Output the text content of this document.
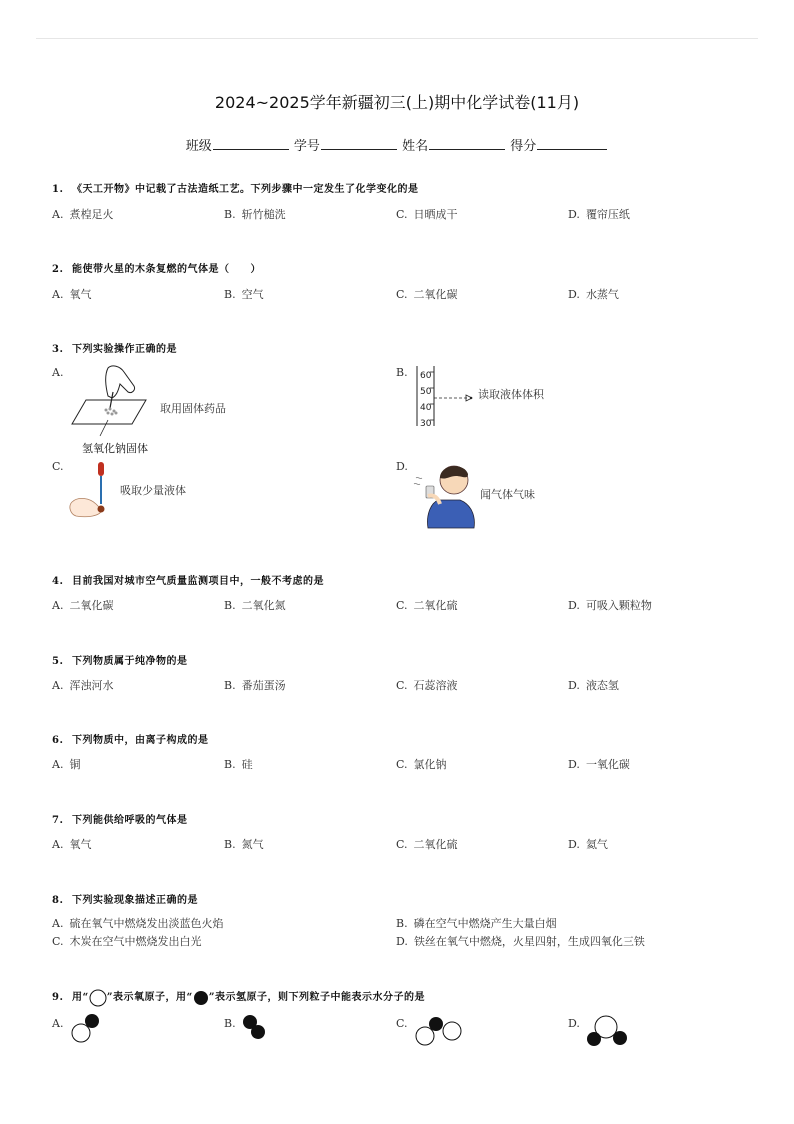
2024~2025学年新疆初三(上)期中化学试卷(11月)
班级	学号	姓名	得分
1. 《天工开物》中记载了古法造纸工艺。下列步骤中一定发生了化学变化的是
A. 煮楻足火	B. 斩竹槌洗	C. 日晒成干	D. 覆帘压纸
2. 能使带火星的木条复燃的气体是（　　）
A. 氧气	B. 空气	C. 二氧化碳	D. 水蒸气
3. 下列实验操作正确的是
A.
取用固体药品
氢氧化钠固体
B. 60
50
40
30
读取液体体积
C.
吸取少量液体
D.
闻气体气味
4. 目前我国对城市空气质量监测项目中，一般不考虑的是
A. 二氧化碳	B. 二氧化氮	C. 二氧化硫	D. 可吸入颗粒物
5. 下列物质属于纯净物的是
A. 浑浊河水	B. 番茄蛋汤	C. 石蕊溶液	D. 液态氢
6. 下列物质中，由离子构成的是
A. 铜	B. 硅	C. 氯化钠	D. 一氧化碳
7. 下列能供给呼吸的气体是
A. 氧气	B. 氮气	C. 二氧化硫	D. 氦气
8. 下列实验现象描述正确的是
A. 硫在氧气中燃烧发出淡蓝色火焰	B. 磷在空气中燃烧产生大量白烟
C. 木炭在空气中燃烧发出白光	D. 铁丝在氧气中燃烧，火星四射，生成四氧化三铁
9. 用“ ”表示氧原子，用“ ”表示氢原子，则下列粒子中能表示水分子的是
A.	B.	C.	D.
